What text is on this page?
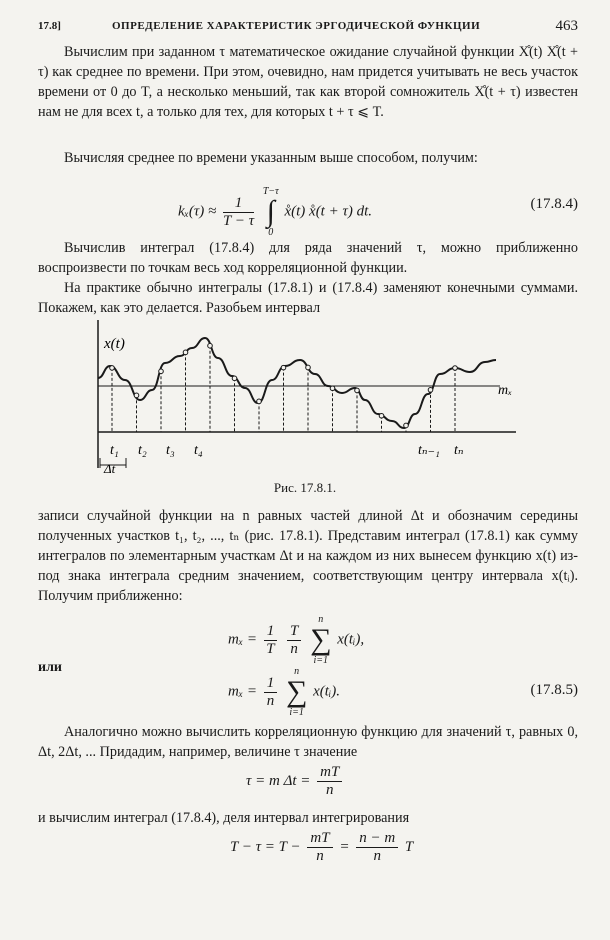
17.8]	ОПРЕДЕЛЕНИЕ ХАРАКТЕРИСТИК ЭРГОДИЧЕСКОЙ ФУНКЦИИ	463

Вычислим при заданном τ математическое ожидание случайной функции X̊(t) X̊(t + τ) как среднее по времени. При этом, очевидно, нам придется учитывать не весь участок времени от 0 до T, а несколько меньший, так как второй сомножитель X̊(t + τ) известен нам не для всех t, а только для тех, для которых t + τ ⩽ T.

Вычисляя среднее по времени указанным выше способом, получим:

$k_x(\tau) \approx \frac{1}{T - \tau}$

T−τ
∫
0
x̊(t) x̊(t + τ) dt.	(17.8.4)

Вычислив интеграл (17.8.4) для ряда значений τ, можно приближенно воспроизвести по точкам весь ход корреляционной функции.

На практике обычно интегралы (17.8.1) и (17.8.4) заменяют конечными суммами. Покажем, как это делается. Разобьем интервал

x(t)
mₓ
Δt
t₁ t₂ t₃ t₄	tₙ₋₁ tₙ
Рис. 17.8.1.

записи случайной функции на n равных частей длиной Δt и обозначим середины полученных участков t₁, t₂, ..., tₙ (рис. 17.8.1). Представим интеграл (17.8.1) как сумму интегралов по элементарным участкам Δt и на каждом из них вынесем функцию x(t) из-под знака интеграла средним значением, соответствующим центру интервала x(tᵢ). Получим приближенно:

$m_x = \frac{1}{T}$
$\frac{T}{n}$

n
∑
i=1
x(tᵢ),
или
$m_x = \frac{1}{n}$

n
∑
i=1
x(tᵢ).	(17.8.5)

Аналогично можно вычислить корреляционную функцию для значений τ, равных 0, Δt, 2Δt, ... Придадим, например, величине τ значение

τ = m $\Delta t = \frac{mT}{n}$

и вычислим интеграл (17.8.4), деля интервал интегрирования

$T - \tau = T - \frac{mT}{n} = \frac{n - m}{n}$ T
